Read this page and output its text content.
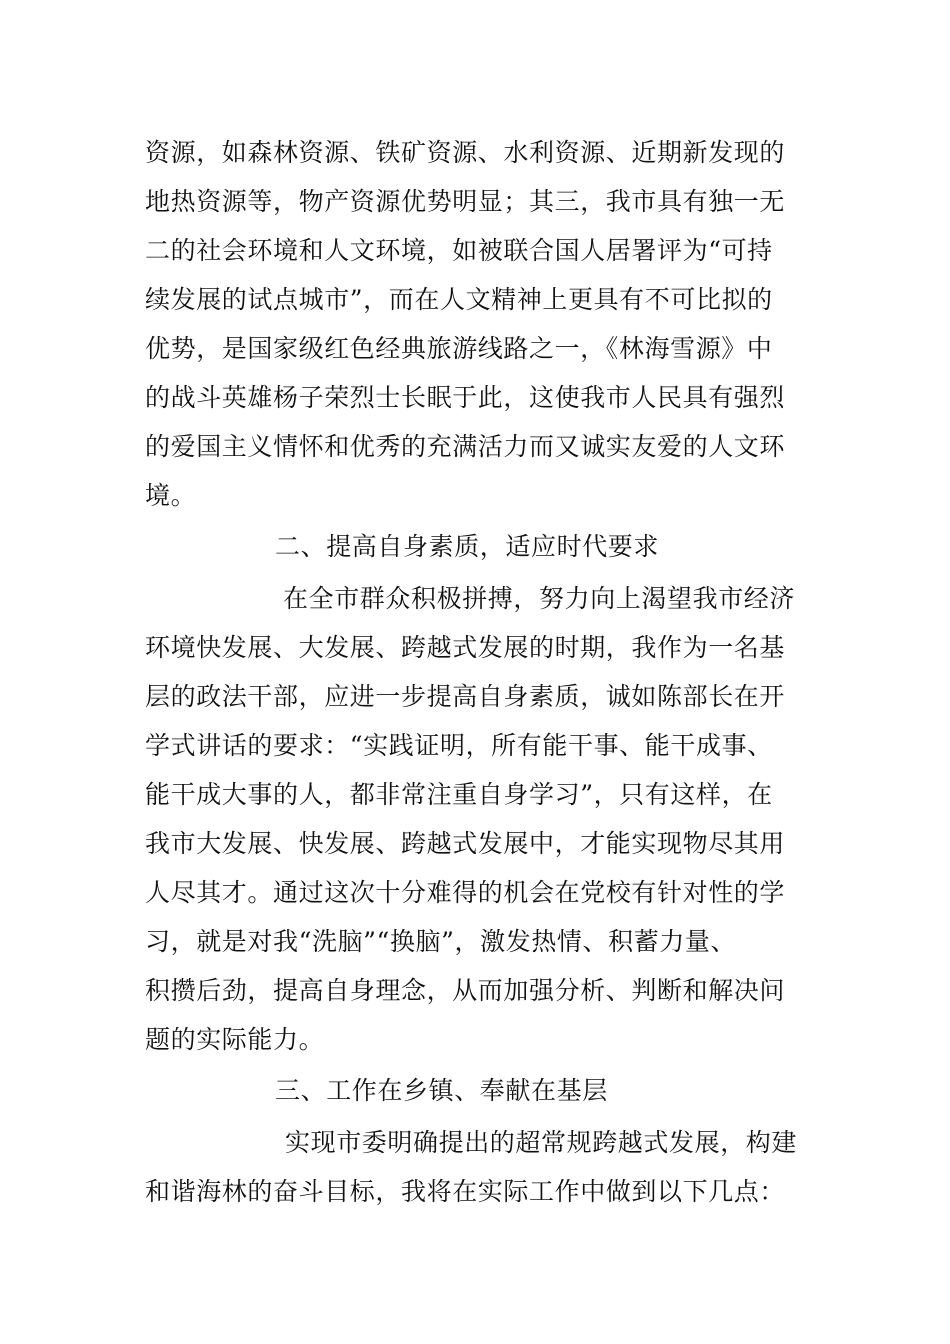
资源，如森林资源、铁矿资源、水利资源、近期新发现的
地热资源等，物产资源优势明显；其三，我市具有独一无
二的社会环境和人文环境，如被联合国人居署评为“可持
续发展的试点城市”，而在人文精神上更具有不可比拟的
优势，是国家级红色经典旅游线路之一，《林海雪源》中
的战斗英雄杨子荣烈士长眠于此，这使我市人民具有强烈
的爱国主义情怀和优秀的充满活力而又诚实友爱的人文环
境。
二、提高自身素质，适应时代要求
在全市群众积极拼搏，努力向上渴望我市经济
环境快发展、大发展、跨越式发展的时期，我作为一名基
层的政法干部，应进一步提高自身素质，诚如陈部长在开
学式讲话的要求：“实践证明，所有能干事、能干成事、
能干成大事的人，都非常注重自身学习”，只有这样，在
我市大发展、快发展、跨越式发展中，才能实现物尽其用
人尽其才。通过这次十分难得的机会在党校有针对性的学
习，就是对我“洗脑”“换脑”，激发热情、积蓄力量、
积攒后劲，提高自身理念，从而加强分析、判断和解决问
题的实际能力。
三、工作在乡镇、奉献在基层
实现市委明确提出的超常规跨越式发展，构建
和谐海林的奋斗目标，我将在实际工作中做到以下几点：
